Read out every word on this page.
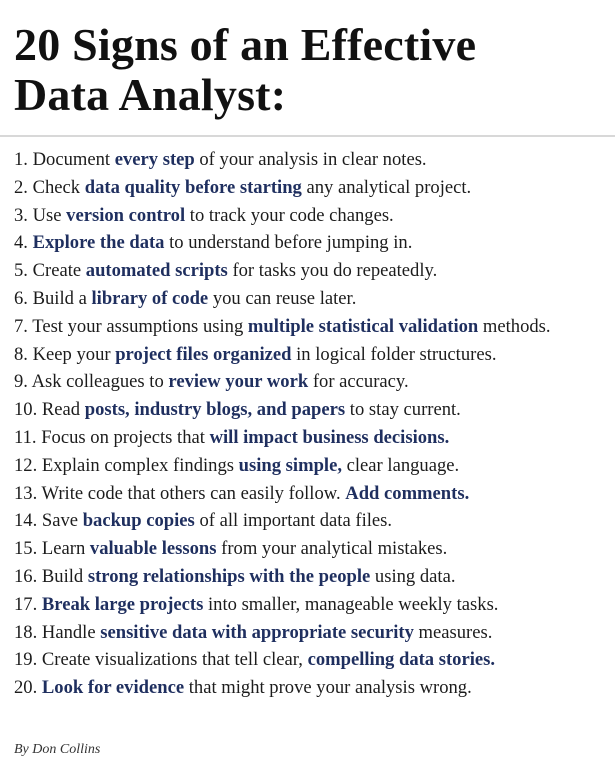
20 Signs of an Effective
Data Analyst:
1. Document every step of your analysis in clear notes.
2. Check data quality before starting any analytical project.
3. Use version control to track your code changes.
4. Explore the data to understand before jumping in.
5. Create automated scripts for tasks you do repeatedly.
6. Build a library of code you can reuse later.
7. Test your assumptions using multiple statistical validation methods.
8. Keep your project files organized in logical folder structures.
9. Ask colleagues to review your work for accuracy.
10. Read posts, industry blogs, and papers to stay current.
11. Focus on projects that will impact business decisions.
12. Explain complex findings using simple, clear language.
13. Write code that others can easily follow. Add comments.
14. Save backup copies of all important data files.
15. Learn valuable lessons from your analytical mistakes.
16. Build strong relationships with the people using data.
17. Break large projects into smaller, manageable weekly tasks.
18. Handle sensitive data with appropriate security measures.
19. Create visualizations that tell clear, compelling data stories.
20. Look for evidence that might prove your analysis wrong.
By Don Collins
